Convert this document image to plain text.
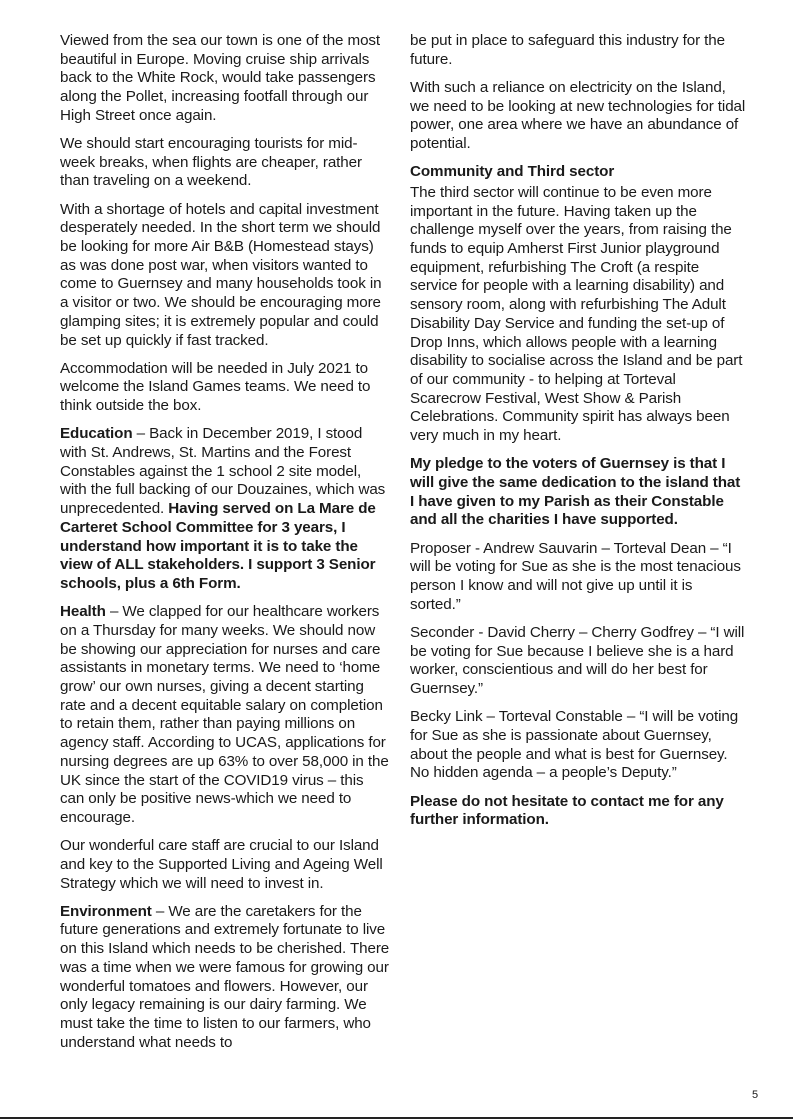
Viewed from the sea our town is one of the most beautiful in Europe. Moving cruise ship arrivals back to the White Rock, would take passengers along the Pollet, increasing footfall through our High Street once again.

We should start encouraging tourists for mid-week breaks, when flights are cheaper, rather than traveling on a weekend.

With a shortage of hotels and capital investment desperately needed. In the short term we should be looking for more Air B&B (Homestead stays) as was done post war, when visitors wanted to come to Guernsey and many households took in a visitor or two. We should be encouraging more glamping sites; it is extremely popular and could be set up quickly if fast tracked.

Accommodation will be needed in July 2021 to welcome the Island Games teams. We need to think outside the box.

Education – Back in December 2019, I stood with St. Andrews, St. Martins and the Forest Constables against the 1 school 2 site model, with the full backing of our Douzaines, which was unprecedented. Having served on La Mare de Carteret School Committee for 3 years, I understand how important it is to take the view of ALL stakeholders. I support 3 Senior schools, plus a 6th Form.

Health – We clapped for our healthcare workers on a Thursday for many weeks. We should now be showing our appreciation for nurses and care assistants in monetary terms. We need to ‘home grow’ our own nurses, giving a decent starting rate and a decent equitable salary on completion to retain them, rather than paying millions on agency staff. According to UCAS, applications for nursing degrees are up 63% to over 58,000 in the UK since the start of the COVID19 virus – this can only be positive news-which we need to encourage.

Our wonderful care staff are crucial to our Island and key to the Supported Living and Ageing Well Strategy which we will need to invest in.

Environment – We are the caretakers for the future generations and extremely fortunate to live on this Island which needs to be cherished. There was a time when we were famous for growing our wonderful tomatoes and flowers. However, our only legacy remaining is our dairy farming. We must take the time to listen to our farmers, who understand what needs to

be put in place to safeguard this industry for the future.

With such a reliance on electricity on the Island, we need to be looking at new technologies for tidal power, one area where we have an abundance of potential.

Community and Third sector

The third sector will continue to be even more important in the future. Having taken up the challenge myself over the years, from raising the funds to equip Amherst First Junior playground equipment, refurbishing The Croft (a respite service for people with a learning disability) and sensory room, along with refurbishing The Adult Disability Day Service and funding the set-up of Drop Inns, which allows people with a learning disability to socialise across the Island and be part of our community - to helping at Torteval Scarecrow Festival, West Show & Parish Celebrations. Community spirit has always been very much in my heart.

My pledge to the voters of Guernsey is that I will give the same dedication to the island that I have given to my Parish as their Constable and all the charities I have supported.

Proposer - Andrew Sauvarin – Torteval Dean – “I will be voting for Sue as she is the most tenacious person I know and will not give up until it is sorted.”

Seconder - David Cherry – Cherry Godfrey – “I will be voting for Sue because I believe she is a hard worker, conscientious and will do her best for Guernsey.”

Becky Link – Torteval Constable – “I will be voting for Sue as she is passionate about Guernsey, about the people and what is best for Guernsey. No hidden agenda – a people’s Deputy.”

Please do not hesitate to contact me for any further information.

5
